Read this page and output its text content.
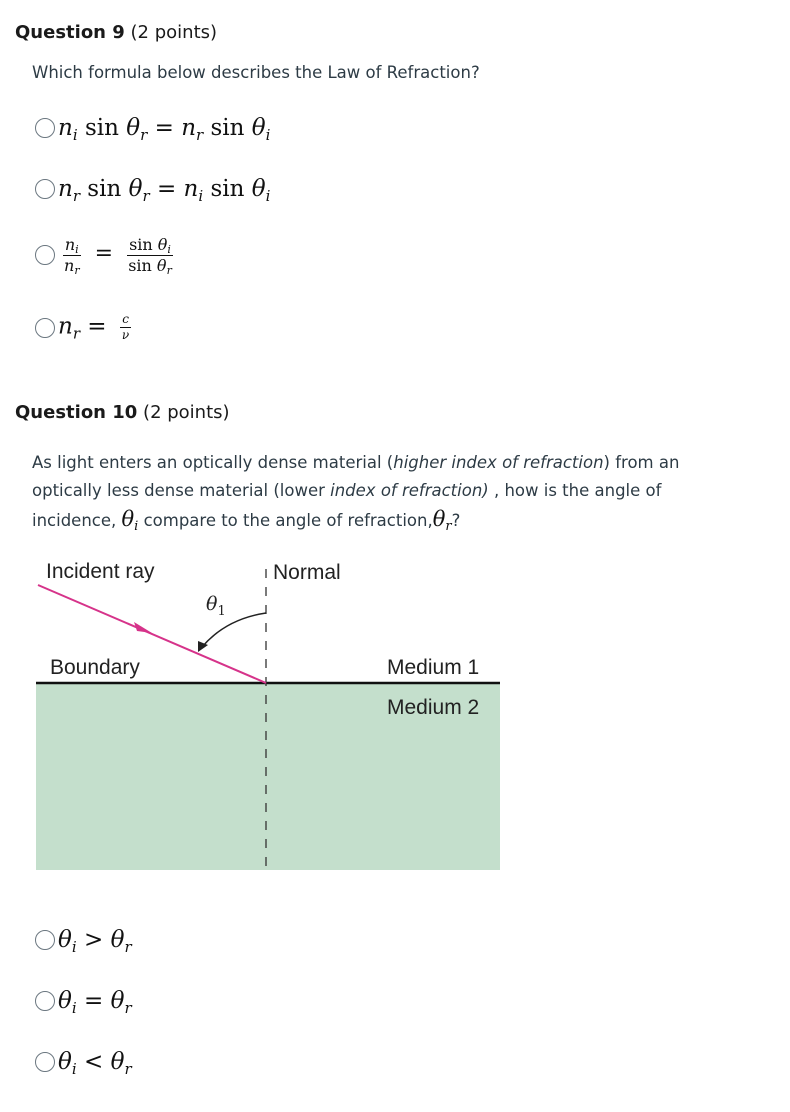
Question 9 (2 points)
Which formula below describes the Law of Refraction?
$n_i$ $\sin \theta_r = n_r$ $\sin \theta_i$
$n_r$ $\sin \theta_r = n_i$ $\sin \theta_i$
$\frac{n_i}{n_r} = \frac{\sin \theta_i}{\sin \theta_r}$
$n_r = \frac{c}{\nu}$
Question 10 (2 points)
As light enters an optically dense material (higher index of refraction) from an
optically less dense material (lower index of refraction) , how is the angle of
incidence, $\theta_i$ compare to the angle of $refraction,\theta_r$?
Incident ray	Normal
$\theta_1$
Boundary	Medium 1
Medium 2
$\theta_i > \theta_r$
$\theta_i = \theta_r$
$\theta_i < \theta_r$
